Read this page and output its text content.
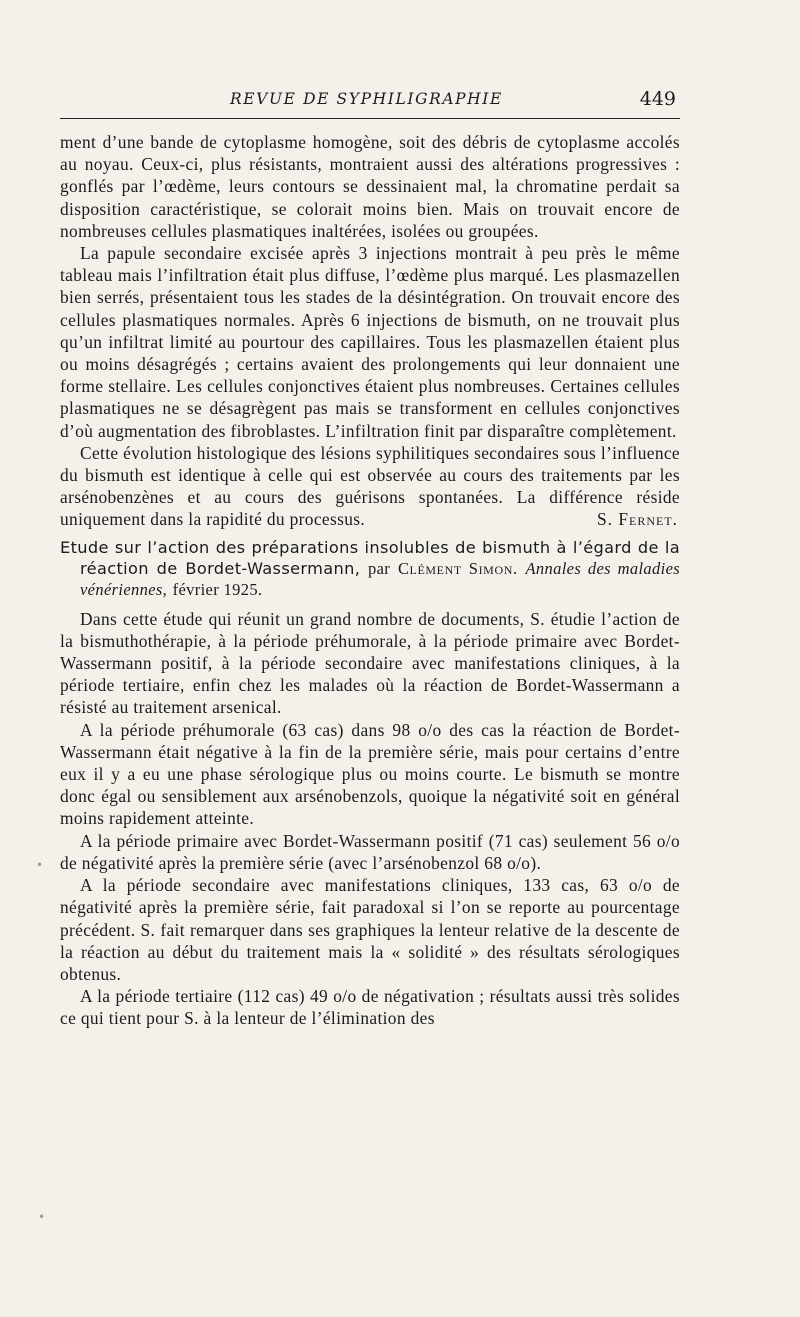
REVUE DE SYPHILIGRAPHIE	449

ment d’une bande de cytoplasme homogène, soit des débris de cytoplasme accolés au noyau. Ceux-ci, plus résistants, montraient aussi des altérations progressives : gonflés par l’œdème, leurs contours se dessinaient mal, la chromatine perdait sa disposition caractéristique, se colorait moins bien. Mais on trouvait encore de nombreuses cellules plasmatiques inaltérées, isolées ou groupées.

La papule secondaire excisée après 3 injections montrait à peu près le même tableau mais l’infiltration était plus diffuse, l’œdème plus marqué. Les plasmazellen bien serrés, présentaient tous les stades de la désintégration. On trouvait encore des cellules plasmatiques normales. Après 6 injections de bismuth, on ne trouvait plus qu’un infiltrat limité au pourtour des capillaires. Tous les plasmazellen étaient plus ou moins désagrégés ; certains avaient des prolongements qui leur donnaient une forme stellaire. Les cellules conjonctives étaient plus nombreuses. Certaines cellules plasmatiques ne se désagrègent pas mais se transforment en cellules conjonctives d’où augmentation des fibroblastes. L’infiltration finit par disparaître complètement.

Cette évolution histologique des lésions syphilitiques secondaires sous l’influence du bismuth est identique à celle qui est observée au cours des traitements par les arsénobenzènes et au cours des guérisons spontanées. La différence réside uniquement dans la rapidité du processus.	S. Fernet.

Etude sur l’action des préparations insolubles de bismuth à l’égard de la réaction de Bordet-Wassermann, par Clément Simon. Annales des maladies vénériennes, février 1925.

Dans cette étude qui réunit un grand nombre de documents, S. étudie l’action de la bismuthothérapie, à la période préhumorale, à la période primaire avec Bordet-Wassermann positif, à la période secondaire avec manifestations cliniques, à la période tertiaire, enfin chez les malades où la réaction de Bordet-Wassermann a résisté au traitement arsenical.

A la période préhumorale (63 cas) dans 98 o/o des cas la réaction de Bordet-Wassermann était négative à la fin de la première série, mais pour certains d’entre eux il y a eu une phase sérologique plus ou moins courte. Le bismuth se montre donc égal ou sensiblement aux arsénobenzols, quoique la négativité soit en général moins rapidement atteinte.

A la période primaire avec Bordet-Wassermann positif (71 cas) seulement 56 o/o de négativité après la première série (avec l’arsénobenzol 68 o/o).

A la période secondaire avec manifestations cliniques, 133 cas, 63 o/o de négativité après la première série, fait paradoxal si l’on se reporte au pourcentage précédent. S. fait remarquer dans ses graphiques la lenteur relative de la descente de la réaction au début du traitement mais la « solidité » des résultats sérologiques obtenus.

A la période tertiaire (112 cas) 49 o/o de négativation ; résultats aussi très solides ce qui tient pour S. à la lenteur de l’élimination des

•
•
